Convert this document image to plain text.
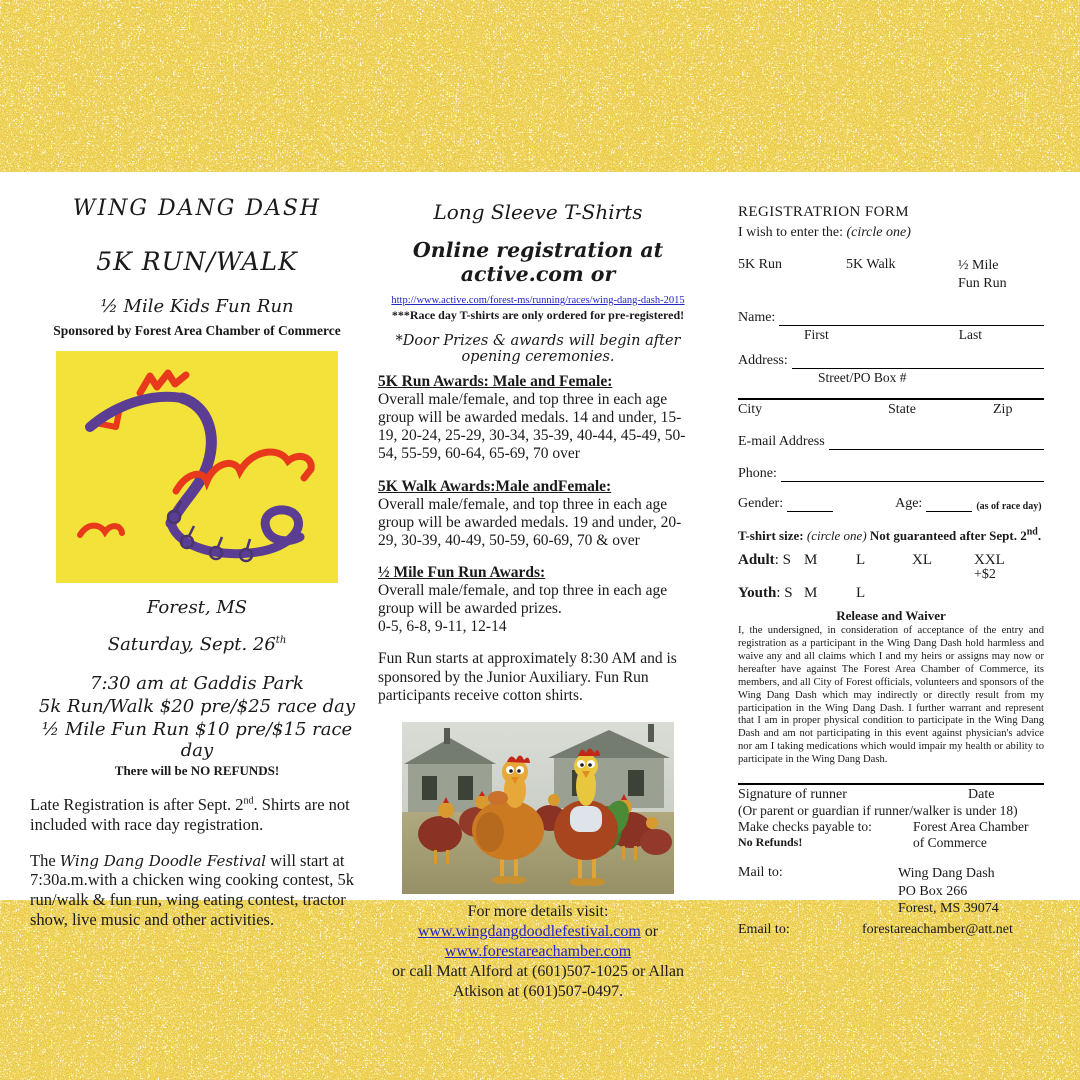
WING DANG DASH
5K RUN/WALK
½ Mile Kids Fun Run
Sponsored by Forest Area Chamber of Commerce
Forest, MS
Saturday, Sept. 26th
7:30 am at Gaddis Park
5k Run/Walk $20 pre/$25 race day
½ Mile Fun Run $10 pre/$15 race day
There will be NO REFUNDS!

Late Registration is after Sept. 2nd. Shirts are not included with race day registration.

The Wing Dang Doodle Festival will start at 7:30a.m.with a chicken wing cooking contest, 5k run/walk & fun run, wing eating contest, tractor show, live music and other activities.

Long Sleeve T-Shirts
Online registration at active.com or
http://www.active.com/forest-ms/running/races/wing-dang-dash-2015
***Race day T-shirts are only ordered for pre-registered!
*Door Prizes & awards will begin after opening ceremonies.
5K Run Awards: Male and Female:
Overall male/female, and top three in each age group will be awarded medals. 14 and under, 15-19, 20-24, 25-29, 30-34, 35-39, 40-44, 45-49, 50-54, 55-59, 60-64, 65-69, 70 over
5K Walk Awards:Male andFemale:
Overall male/female, and top three in each age group will be awarded medals. 19 and under, 20-29, 30-39, 40-49, 50-59, 60-69, 70 & over
½ Mile Fun Run Awards:
Overall male/female, and top three in each age group will be awarded prizes.
0-5, 6-8, 9-11, 12-14
Fun Run starts at approximately 8:30 AM and is sponsored by the Junior Auxiliary. Fun Run participants receive cotton shirts.
For more details visit:
www.wingdangdoodlefestival.com or
www.forestareachamber.com
or call Matt Alford at (601)507-1025 or Allan Atkison at (601)507-0497.
REGISTRATRION FORM
I wish to enter the: (circle one)
5K Run	5K Walk	½ Mile
Fun Run
Name:
First	Last
Address:
Street/PO Box #
City	State	Zip
E-mail Address
Phone:
Gender:	Age:	(as of race day)
T-shirt size: (circle one) Not guaranteed after Sept. 2nd.
Adult: S M	L	XL	XXL
+$2
Youth: S M	L
Release and Waiver
I, the undersigned, in consideration of acceptance of the entry and registration as a participant in the Wing Dang Dash hold harmless and waive any and all claims which I and my heirs or assigns may now or hereafter have against The Forest Area Chamber of Commerce, its members, and all City of Forest officials, volunteers and sponsors of the Wing Dang Dash which may indirectly or directly result from my participation in the Wing Dang Dash. I further warrant and represent that I am in proper physical condition to participate in the Wing Dang Dash and am not participating in this event against physician's advice nor am I taking medications which would impair my health or ability to participate in the Wing Dang Dash.
Signature of runner	Date
(Or parent or guardian if runner/walker is under 18)
Make checks payable to:	Forest Area Chamber
No Refunds!	of Commerce
Mail to:	Wing Dang Dash
PO Box 266
Forest, MS 39074
Email to:	forestareachamber@att.net
